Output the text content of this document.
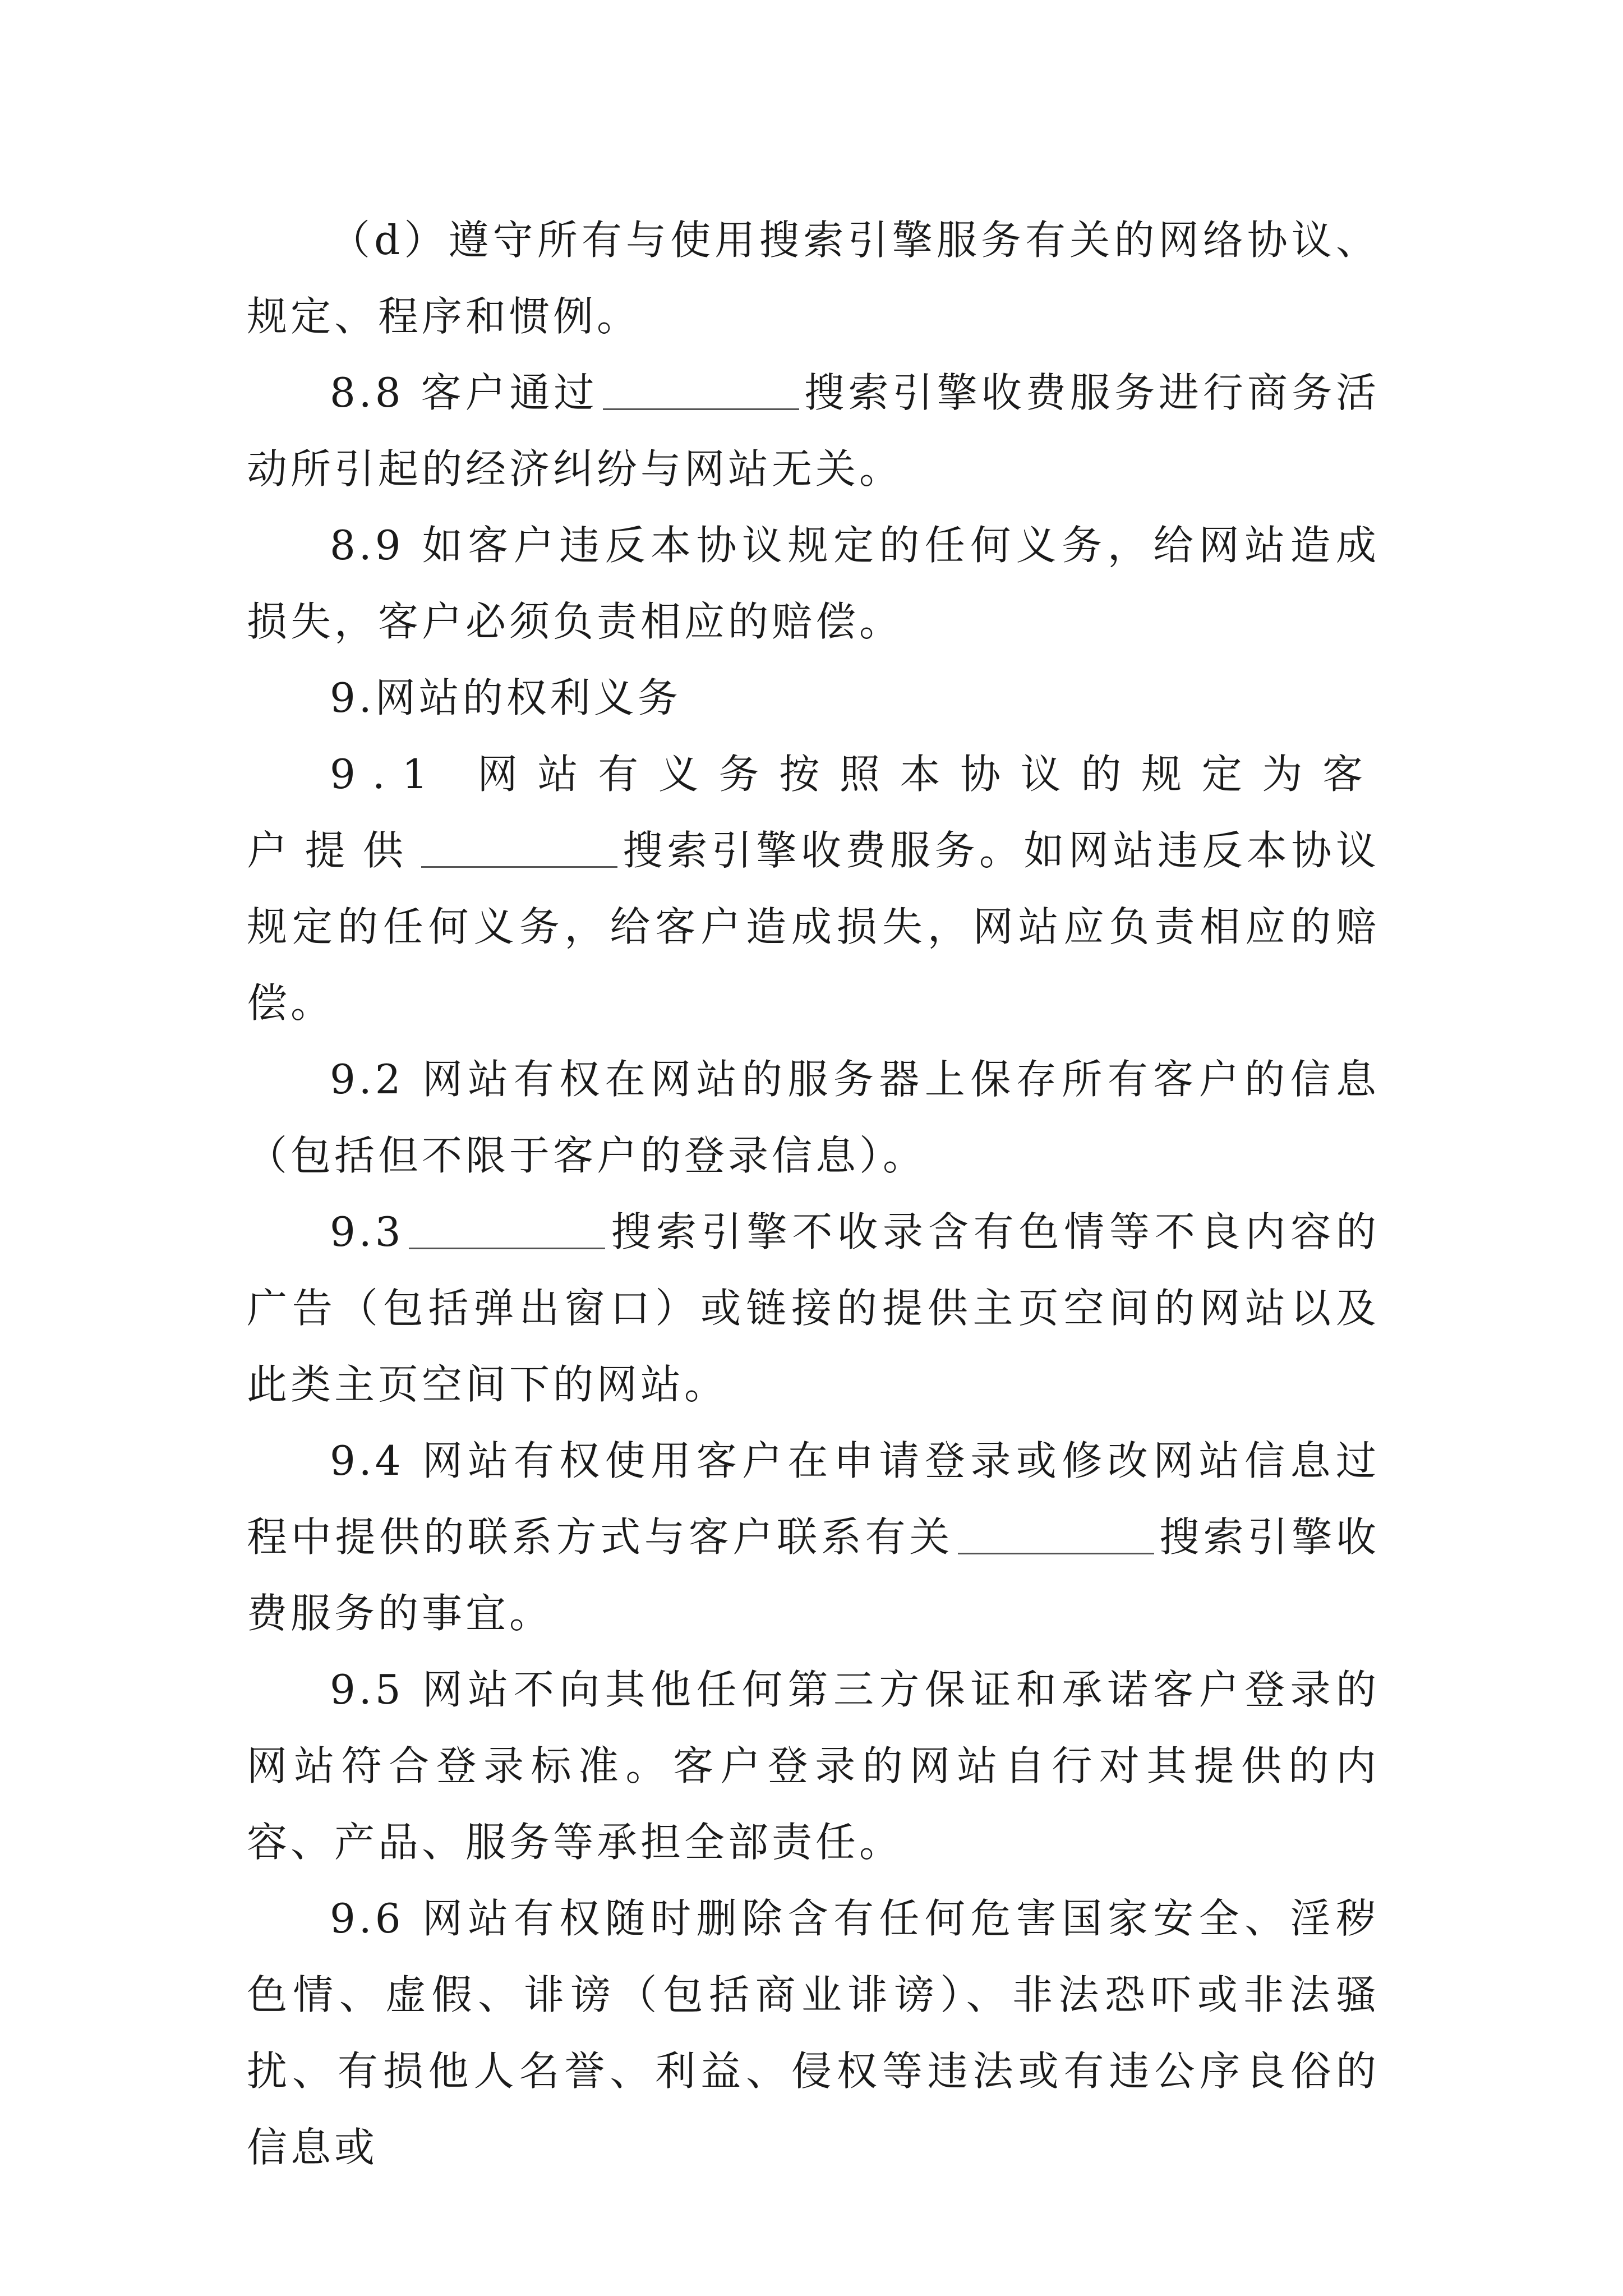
（d）遵守所有与使用搜索引擎服务有关的网络协议、规定、程序和惯例。

8.8 客户通过	搜索引擎收费服务进行商务活动所引起的经济纠纷与网站无关。

8.9 如客户违反本协议规定的任何义务，给网站造成损失，客户必须负责相应的赔偿。

9.网站的权利义务

9.1 网站有义务按照本协议的规定为客户提供	搜索引擎收费服务。如网站违反本协议规定的任何义务，给客户造成损失，网站应负责相应的赔偿。

9.2 网站有权在网站的服务器上保存所有客户的信息（包括但不限于客户的登录信息）。

9.3	搜索引擎不收录含有色情等不良内容的广告（包括弹出窗口）或链接的提供主页空间的网站以及此类主页空间下的网站。

9.4 网站有权使用客户在申请登录或修改网站信息过程中提供的联系方式与客户联系有关	搜索引擎收费服务的事宜。

9.5 网站不向其他任何第三方保证和承诺客户登录的网站符合登录标准。客户登录的网站自行对其提供的内容、产品、服务等承担全部责任。

9.6 网站有权随时删除含有任何危害国家安全、淫秽色情、虚假、诽谤（包括商业诽谤）、非法恐吓或非法骚扰、有损他人名誉、利益、侵权等违法或有违公序良俗的信息或
